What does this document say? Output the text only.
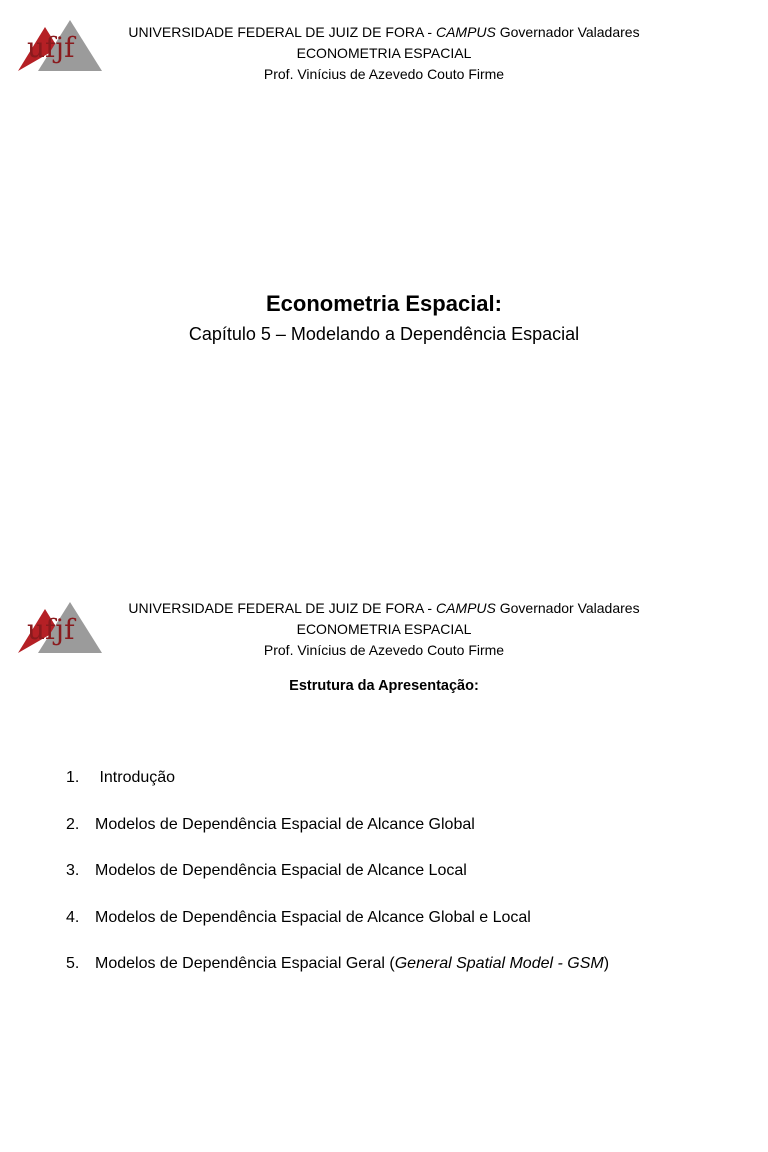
ufjf	UNIVERSIDADE FEDERAL DE JUIZ DE FORA - CAMPUS Governador Valadares
ECONOMETRIA ESPACIAL
Prof. Vinícius de Azevedo Couto Firme
Econometria Espacial:
Capítulo 5 – Modelando a Dependência Espacial
ufjf
UNIVERSIDADE FEDERAL DE JUIZ DE FORA - CAMPUS Governador Valadares
ECONOMETRIA ESPACIAL
Prof. Vinícius de Azevedo Couto Firme
Estrutura da Apresentação:
1. Introdução
2. Modelos de Dependência Espacial de Alcance Global
3. Modelos de Dependência Espacial de Alcance Local
4. Modelos de Dependência Espacial de Alcance Global e Local
5. Modelos de Dependência Espacial Geral (General Spatial Model - GSM)
